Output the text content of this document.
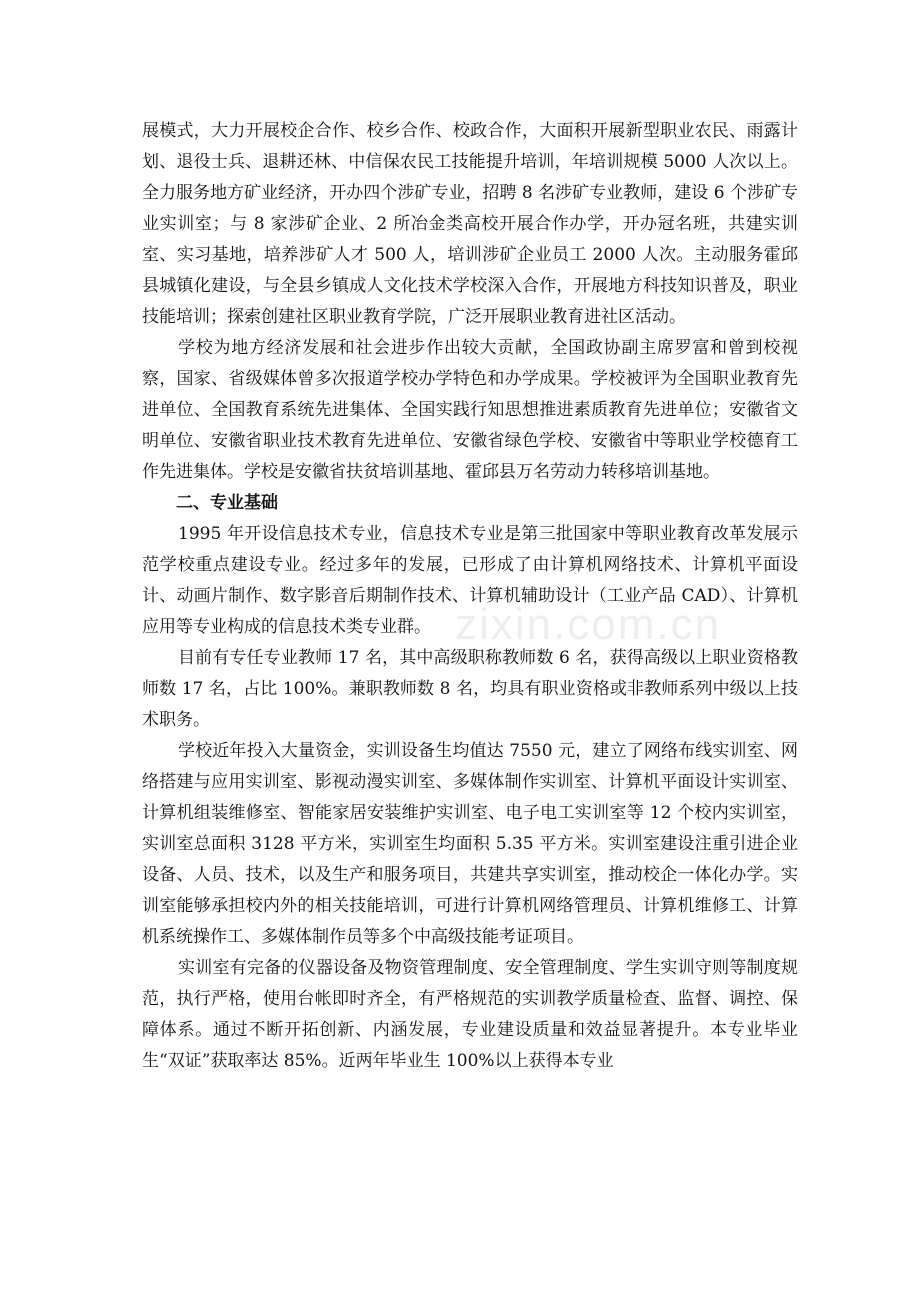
展模式，大力开展校企合作、校乡合作、校政合作，大面积开展新型职业农民、雨露计划、退役士兵、退耕还林、中信保农民工技能提升培训，年培训规模 5000 人次以上。全力服务地方矿业经济，开办四个涉矿专业，招聘 8 名涉矿专业教师，建设 6 个涉矿专业实训室；与 8 家涉矿企业、2 所冶金类高校开展合作办学，开办冠名班，共建实训室、实习基地，培养涉矿人才 500 人，培训涉矿企业员工 2000 人次。主动服务霍邱县城镇化建设，与全县乡镇成人文化技术学校深入合作，开展地方科技知识普及，职业技能培训；探索创建社区职业教育学院，广泛开展职业教育进社区活动。

学校为地方经济发展和社会进步作出较大贡献，全国政协副主席罗富和曾到校视察，国家、省级媒体曾多次报道学校办学特色和办学成果。学校被评为全国职业教育先进单位、全国教育系统先进集体、全国实践行知思想推进素质教育先进单位；安徽省文明单位、安徽省职业技术教育先进单位、安徽省绿色学校、安徽省中等职业学校德育工作先进集体。学校是安徽省扶贫培训基地、霍邱县万名劳动力转移培训基地。

二、专业基础

1995 年开设信息技术专业，信息技术专业是第三批国家中等职业教育改革发展示范学校重点建设专业。经过多年的发展，已形成了由计算机网络技术、计算机平面设计、动画片制作、数字影音后期制作技术、计算机辅助设计（工业产品 CAD）、计算机应用等专业构成的信息技术类专业群。

目前有专任专业教师 17 名，其中高级职称教师数 6 名，获得高级以上职业资格教师数 17 名，占比 100%。兼职教师数 8 名，均具有职业资格或非教师系列中级以上技术职务。

学校近年投入大量资金，实训设备生均值达 7550 元，建立了网络布线实训室、网络搭建与应用实训室、影视动漫实训室、多媒体制作实训室、计算机平面设计实训室、计算机组装维修室、智能家居安装维护实训室、电子电工实训室等 12 个校内实训室，实训室总面积 3128 平方米，实训室生均面积 5.35 平方米。实训室建设注重引进企业设备、人员、技术，以及生产和服务项目，共建共享实训室，推动校企一体化办学。实训室能够承担校内外的相关技能培训，可进行计算机网络管理员、计算机维修工、计算机系统操作工、多媒体制作员等多个中高级技能考证项目。

实训室有完备的仪器设备及物资管理制度、安全管理制度、学生实训守则等制度规范，执行严格，使用台帐即时齐全，有严格规范的实训教学质量检查、监督、调控、保障体系。通过不断开拓创新、内涵发展，专业建设质量和效益显著提升。本专业毕业生“双证”获取率达 85%。近两年毕业生 100%以上获得本专业

zixin.com.cn
